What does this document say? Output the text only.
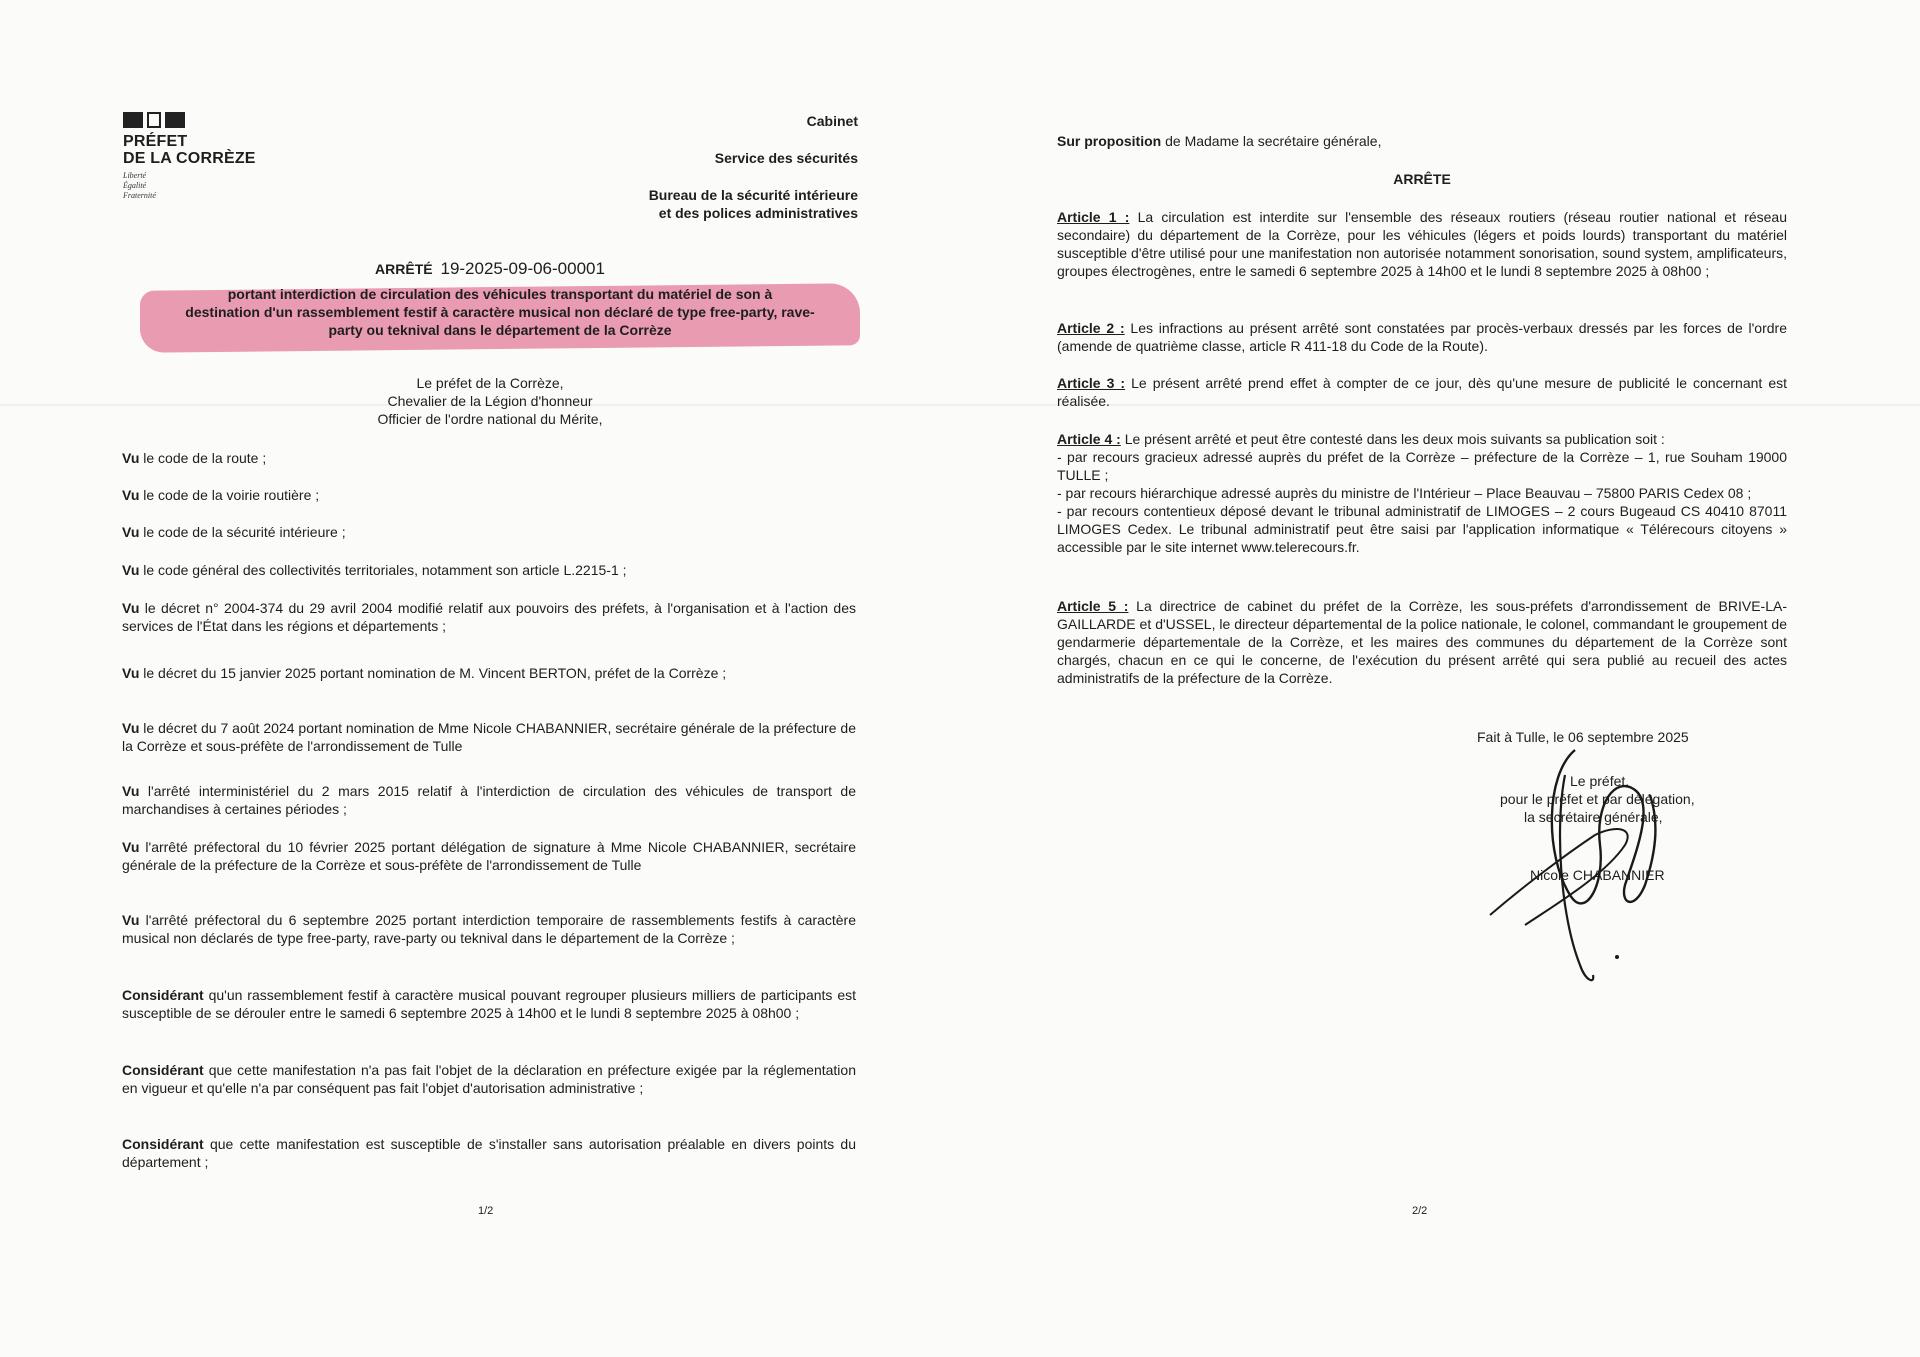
PRÉFET
DE LA CORRÈZE
Liberté
Égalité
Fraternité
Cabinet
Service des sécurités
Bureau de la sécurité intérieure
et des polices administratives
ARRÊTÉ 19-2025-09-06-00001
portant interdiction de circulation des véhicules transportant du matériel de son à
destination d'un rassemblement festif à caractère musical non déclaré de type free-party, rave-
party ou teknival dans le département de la Corrèze
Le préfet de la Corrèze,
Chevalier de la Légion d'honneur
Officier de l'ordre national du Mérite,

Vu le code de la route ;

Vu le code de la voirie routière ;

Vu le code de la sécurité intérieure ;

Vu le code général des collectivités territoriales, notamment son article L.2215-1 ;

Vu le décret n° 2004-374 du 29 avril 2004 modifié relatif aux pouvoirs des préfets, à l'organisation et à l'action des services de l'État dans les régions et départements ;

Vu le décret du 15 janvier 2025 portant nomination de M. Vincent BERTON, préfet de la Corrèze ;

Vu le décret du 7 août 2024 portant nomination de Mme Nicole CHABANNIER, secrétaire générale de la préfecture de la Corrèze et sous-préfète de l'arrondissement de Tulle

Vu l'arrêté interministériel du 2 mars 2015 relatif à l'interdiction de circulation des véhicules de transport de marchandises à certaines périodes ;

Vu l'arrêté préfectoral du 10 février 2025 portant délégation de signature à Mme Nicole CHABANNIER, secrétaire générale de la préfecture de la Corrèze et sous-préfète de l'arrondissement de Tulle

Vu l'arrêté préfectoral du 6 septembre 2025 portant interdiction temporaire de rassemblements festifs à caractère musical non déclarés de type free-party, rave-party ou teknival dans le département de la Corrèze ;

Considérant qu'un rassemblement festif à caractère musical pouvant regrouper plusieurs milliers de participants est susceptible de se dérouler entre le samedi 6 septembre 2025 à 14h00 et le lundi 8 septembre 2025 à 08h00 ;

Considérant que cette manifestation n'a pas fait l'objet de la déclaration en préfecture exigée par la réglementation en vigueur et qu'elle n'a par conséquent pas fait l'objet d'autorisation administrative ;

Considérant que cette manifestation est susceptible de s'installer sans autorisation préalable en divers points du département ;

1/2
Sur proposition de Madame la secrétaire générale,
ARRÊTE
Article 1 : La circulation est interdite sur l'ensemble des réseaux routiers (réseau routier national et réseau secondaire) du département de la Corrèze, pour les véhicules (légers et poids lourds) transportant du matériel susceptible d'être utilisé pour une manifestation non autorisée notamment sonorisation, sound system, amplificateurs, groupes électrogènes, entre le samedi 6 septembre 2025 à 14h00 et le lundi 8 septembre 2025 à 08h00 ;
Article 2 : Les infractions au présent arrêté sont constatées par procès-verbaux dressés par les forces de l'ordre (amende de quatrième classe, article R 411-18 du Code de la Route).
Article 3 : Le présent arrêté prend effet à compter de ce jour, dès qu'une mesure de publicité le concernant est réalisée.

Article 4 : Le présent arrêté et peut être contesté dans les deux mois suivants sa publication soit :

- par recours gracieux adressé auprès du préfet de la Corrèze – préfecture de la Corrèze – 1, rue Souham 19000 TULLE ;

- par recours hiérarchique adressé auprès du ministre de l'Intérieur – Place Beauvau – 75800 PARIS Cedex 08 ;

- par recours contentieux déposé devant le tribunal administratif de LIMOGES – 2 cours Bugeaud CS 40410 87011 LIMOGES Cedex. Le tribunal administratif peut être saisi par l'application informatique « Télérecours citoyens » accessible par le site internet www.telerecours.fr.

Article 5 : La directrice de cabinet du préfet de la Corrèze, les sous-préfets d'arrondissement de BRIVE-LA-GAILLARDE et d'USSEL, le directeur départemental de la police nationale, le colonel, commandant le groupement de gendarmerie départementale de la Corrèze, et les maires des communes du département de la Corrèze sont chargés, chacun en ce qui le concerne, de l'exécution du présent arrêté qui sera publié au recueil des actes administratifs de la préfecture de la Corrèze.
Fait à Tulle, le 06 septembre 2025
Le préfet,
pour le préfet et par délégation,
la secrétaire générale,
Nicole CHABANNIER
2/2
